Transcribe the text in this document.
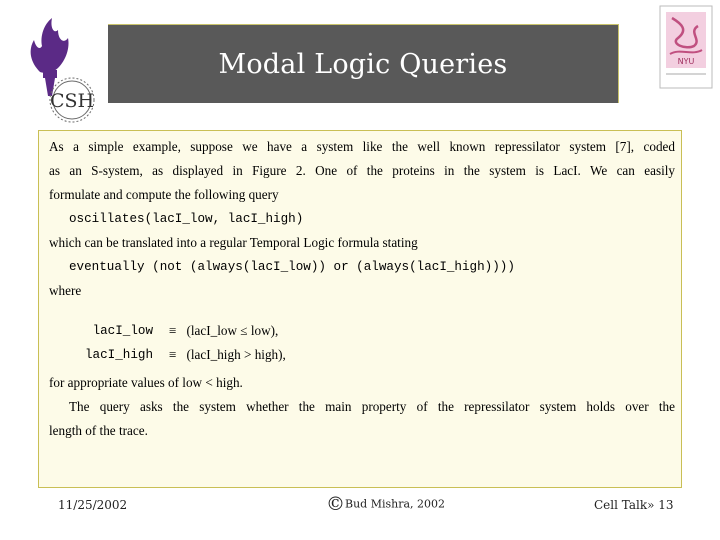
CSH
Modal Logic Queries	NYU

As a simple example, suppose we have a system like the well known repressilator system [7], coded

as an S-system, as displayed in Figure 2. One of the proteins in the system is LacI. We can easily

formulate and compute the following query

oscillates(lacI_low, lacI_high)

which can be translated into a regular Temporal Logic formula stating

eventually (not (always(lacI_low)) or (always(lacI_high))))

where

lacI_low	≡	(lacI_low ≤ low),
lacI_high	≡	(lacI_high > high),

for appropriate values of low < high.

The query asks the system whether the main property of the repressilator system holds over the

length of the trace.

11/25/2002	©Bud Mishra, 2002	Cell Talk» 13
